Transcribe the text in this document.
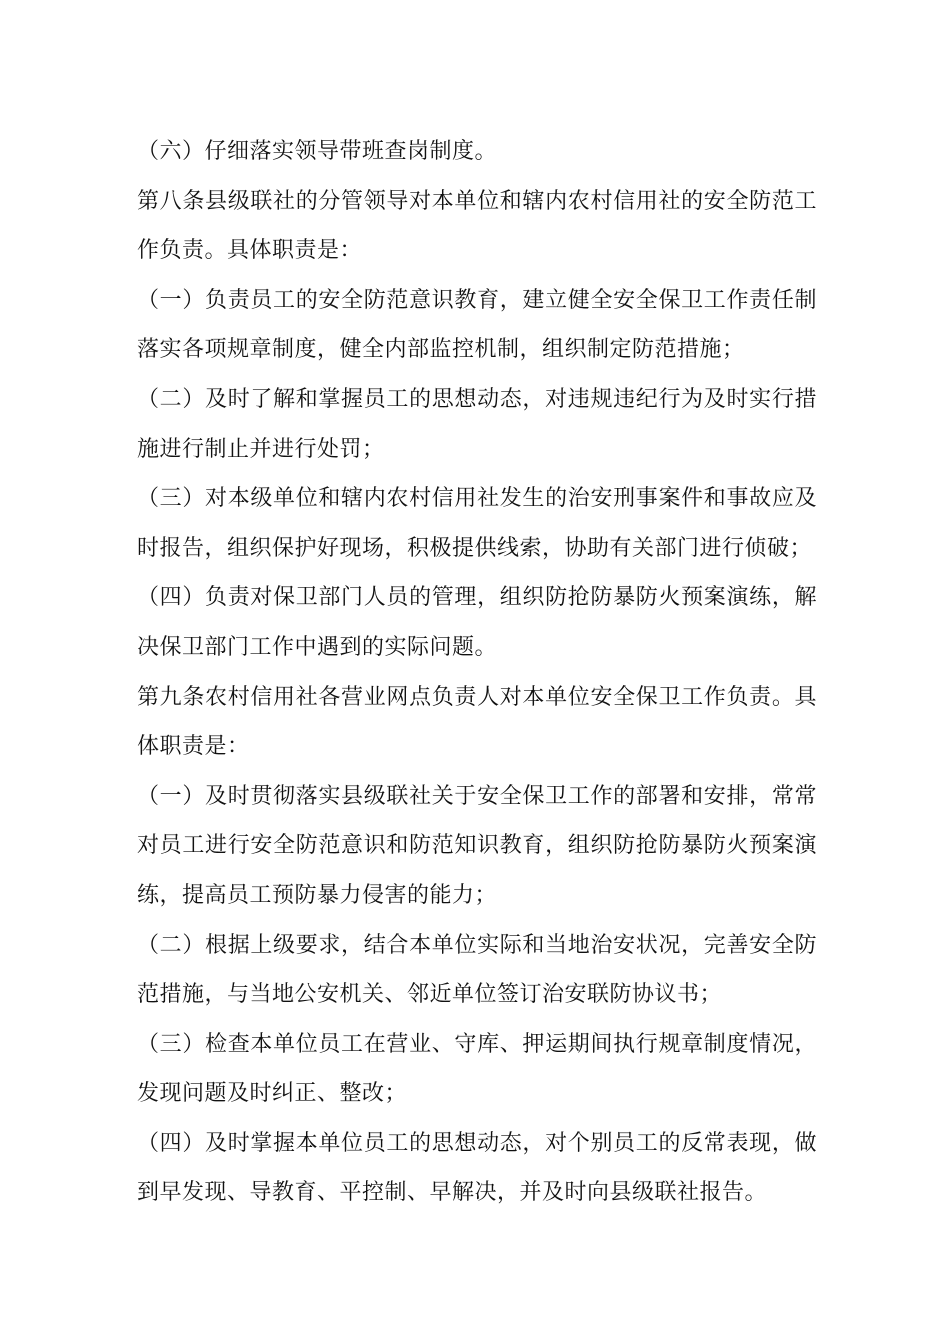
（六）仔细落实领导带班查岗制度。

第八条县级联社的分管领导对本单位和辖内农村信用社的安全防范工作负责。具体职责是：

（一）负责员工的安全防范意识教育，建立健全安全保卫工作责任制落实各项规章制度，健全内部监控机制，组织制定防范措施；

（二）及时了解和掌握员工的思想动态，对违规违纪行为及时实行措施进行制止并进行处罚；

（三）对本级单位和辖内农村信用社发生的治安刑事案件和事故应及时报告，组织保护好现场，积极提供线索，协助有关部门进行侦破；

（四）负责对保卫部门人员的管理，组织防抢防暴防火预案演练，解决保卫部门工作中遇到的实际问题。

第九条农村信用社各营业网点负责人对本单位安全保卫工作负责。具体职责是：

（一）及时贯彻落实县级联社关于安全保卫工作的部署和安排，常常对员工进行安全防范意识和防范知识教育，组织防抢防暴防火预案演练，提高员工预防暴力侵害的能力；

（二）根据上级要求，结合本单位实际和当地治安状况，完善安全防范措施，与当地公安机关、邻近单位签订治安联防协议书；

（三）检查本单位员工在营业、守库、押运期间执行规章制度情况，发现问题及时纠正、整改；

（四）及时掌握本单位员工的思想动态，对个别员工的反常表现，做到早发现、导教育、平控制、早解决，并及时向县级联社报告。
